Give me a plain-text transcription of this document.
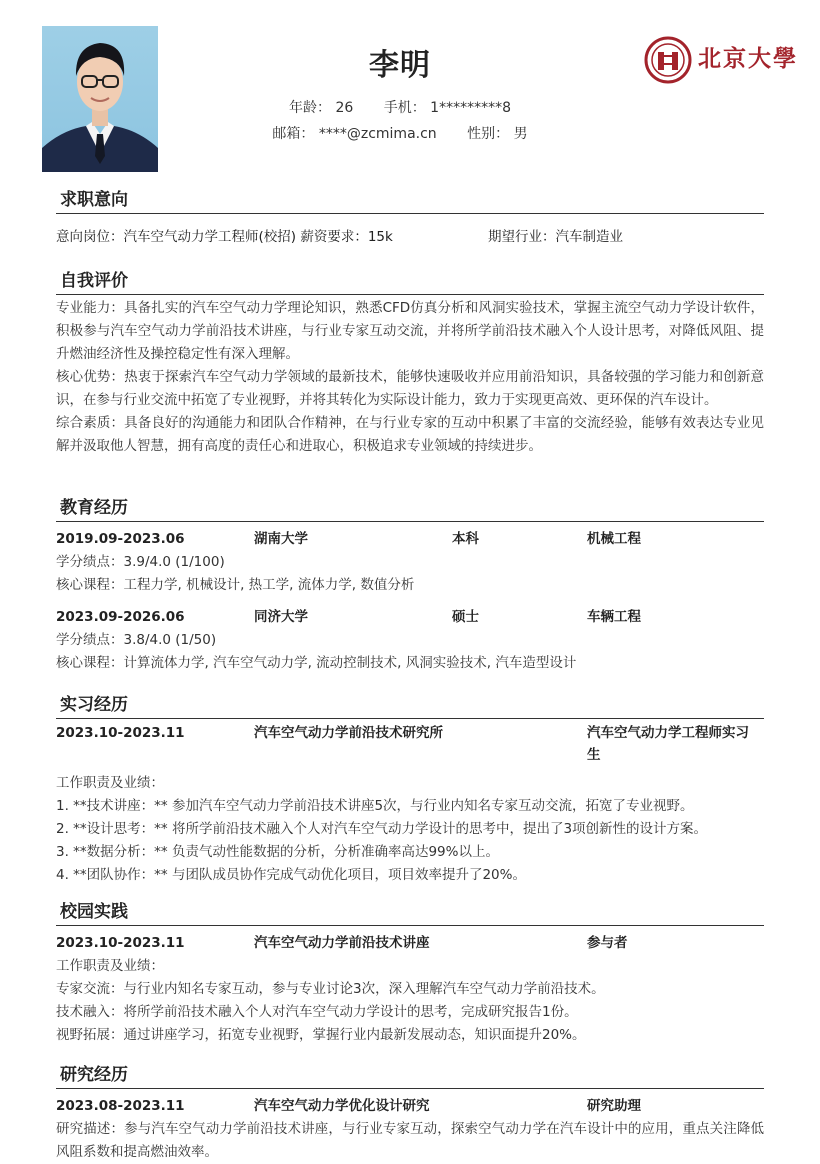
李明
年龄： 26 手机： 1*********8
邮箱： ****@zcmima.cn 性别： 男
北京大學
求职意向
意向岗位：汽车空气动力学工程师(校招) 薪资要求：15k	期望行业：汽车制造业
自我评价
专业能力：具备扎实的汽车空气动力学理论知识，熟悉CFD仿真分析和风洞实验技术，掌握主流空气动力学设计软件，积极参与汽车空气动力学前沿技术讲座，与行业专家互动交流，并将所学前沿技术融入个人设计思考，对降低风阻、提升燃油经济性及操控稳定性有深入理解。
核心优势：热衷于探索汽车空气动力学领域的最新技术，能够快速吸收并应用前沿知识，具备较强的学习能力和创新意识，在参与行业交流中拓宽了专业视野，并将其转化为实际设计能力，致力于实现更高效、更环保的汽车设计。
综合素质：具备良好的沟通能力和团队合作精神，在与行业专家的互动中积累了丰富的交流经验，能够有效表达专业见解并汲取他人智慧，拥有高度的责任心和进取心，积极追求专业领域的持续进步。
教育经历
2019.09-2023.06	湖南大学	本科	机械工程
学分绩点：3.9/4.0 (1/100)
核心课程：工程力学, 机械设计, 热工学, 流体力学, 数值分析
2023.09-2026.06	同济大学	硕士	车辆工程
学分绩点：3.8/4.0 (1/50)
核心课程：计算流体力学, 汽车空气动力学, 流动控制技术, 风洞实验技术, 汽车造型设计
实习经历
2023.10-2023.11	汽车空气动力学前沿技术研究所	汽车空气动力学工程师实习
生
工作职责及业绩：
1. **技术讲座：** 参加汽车空气动力学前沿技术讲座5次，与行业内知名专家互动交流，拓宽了专业视野。
2. **设计思考：** 将所学前沿技术融入个人对汽车空气动力学设计的思考中，提出了3项创新性的设计方案。
3. **数据分析：** 负责气动性能数据的分析，分析准确率高达99%以上。
4. **团队协作：** 与团队成员协作完成气动优化项目，项目效率提升了20%。
校园实践
2023.10-2023.11	汽车空气动力学前沿技术讲座	参与者
工作职责及业绩：
专家交流：与行业内知名专家互动，参与专业讨论3次，深入理解汽车空气动力学前沿技术。
技术融入：将所学前沿技术融入个人对汽车空气动力学设计的思考，完成研究报告1份。
视野拓展：通过讲座学习，拓宽专业视野，掌握行业内最新发展动态，知识面提升20%。
研究经历
2023.08-2023.11	汽车空气动力学优化设计研究	研究助理
研究描述：参与汽车空气动力学前沿技术讲座，与行业专家互动，探索空气动力学在汽车设计中的应用，重点关注降低风阻系数和提高燃油效率。
